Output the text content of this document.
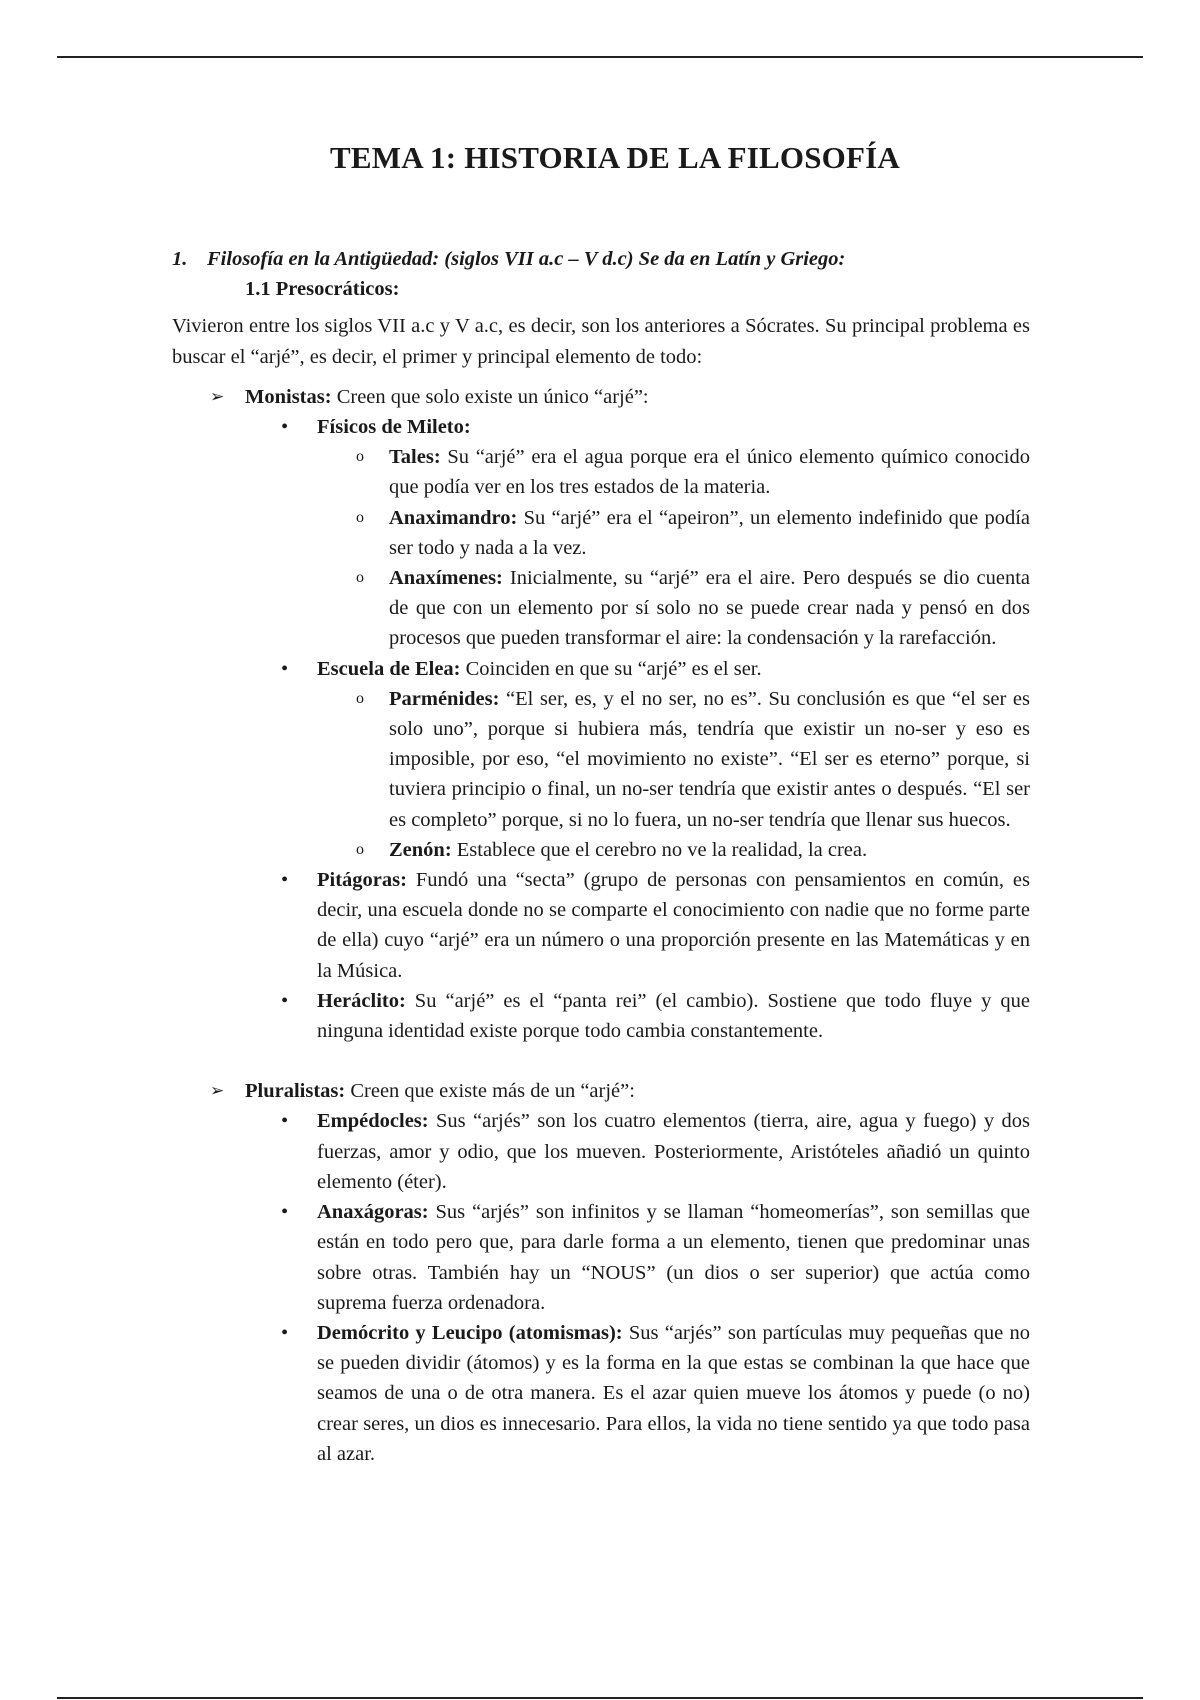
TEMA 1: HISTORIA DE LA FILOSOFÍA
1. Filosofía en la Antigüedad: (siglos VII a.c – V d.c) Se da en Latín y Griego:
1.1 Presocráticos:
Vivieron entre los siglos VII a.c y V a.c, es decir, son los anteriores a Sócrates. Su principal problema es buscar el “arjé”, es decir, el primer y principal elemento de todo:
➢ Monistas: Creen que solo existe un único “arjé”:
• Físicos de Mileto:
o Tales: Su “arjé” era el agua porque era el único elemento químico conocido que podía ver en los tres estados de la materia.
o Anaximandro: Su “arjé” era el “apeiron”, un elemento indefinido que podía ser todo y nada a la vez.
o Anaxímenes: Inicialmente, su “arjé” era el aire. Pero después se dio cuenta de que con un elemento por sí solo no se puede crear nada y pensó en dos procesos que pueden transformar el aire: la condensación y la rarefacción.
• Escuela de Elea: Coinciden en que su “arjé” es el ser.
o Parménides: “El ser, es, y el no ser, no es”. Su conclusión es que “el ser es solo uno”, porque si hubiera más, tendría que existir un no-ser y eso es imposible, por eso, “el movimiento no existe”. “El ser es eterno” porque, si tuviera principio o final, un no-ser tendría que existir antes o después. “El ser es completo” porque, si no lo fuera, un no-ser tendría que llenar sus huecos.
o Zenón: Establece que el cerebro no ve la realidad, la crea.
• Pitágoras: Fundó una “secta” (grupo de personas con pensamientos en común, es decir, una escuela donde no se comparte el conocimiento con nadie que no forme parte de ella) cuyo “arjé” era un número o una proporción presente en las Matemáticas y en la Música.
• Heráclito: Su “arjé” es el “panta rei” (el cambio). Sostiene que todo fluye y que ninguna identidad existe porque todo cambia constantemente.
➢ Pluralistas: Creen que existe más de un “arjé”:
• Empédocles: Sus “arjés” son los cuatro elementos (tierra, aire, agua y fuego) y dos fuerzas, amor y odio, que los mueven. Posteriormente, Aristóteles añadió un quinto elemento (éter).
• Anaxágoras: Sus “arjés” son infinitos y se llaman “homeomerías”, son semillas que están en todo pero que, para darle forma a un elemento, tienen que predominar unas sobre otras. También hay un “NOUS” (un dios o ser superior) que actúa como suprema fuerza ordenadora.
• Demócrito y Leucipo (atomismas): Sus “arjés” son partículas muy pequeñas que no se pueden dividir (átomos) y es la forma en la que estas se combinan la que hace que seamos de una o de otra manera. Es el azar quien mueve los átomos y puede (o no) crear seres, un dios es innecesario. Para ellos, la vida no tiene sentido ya que todo pasa al azar.
